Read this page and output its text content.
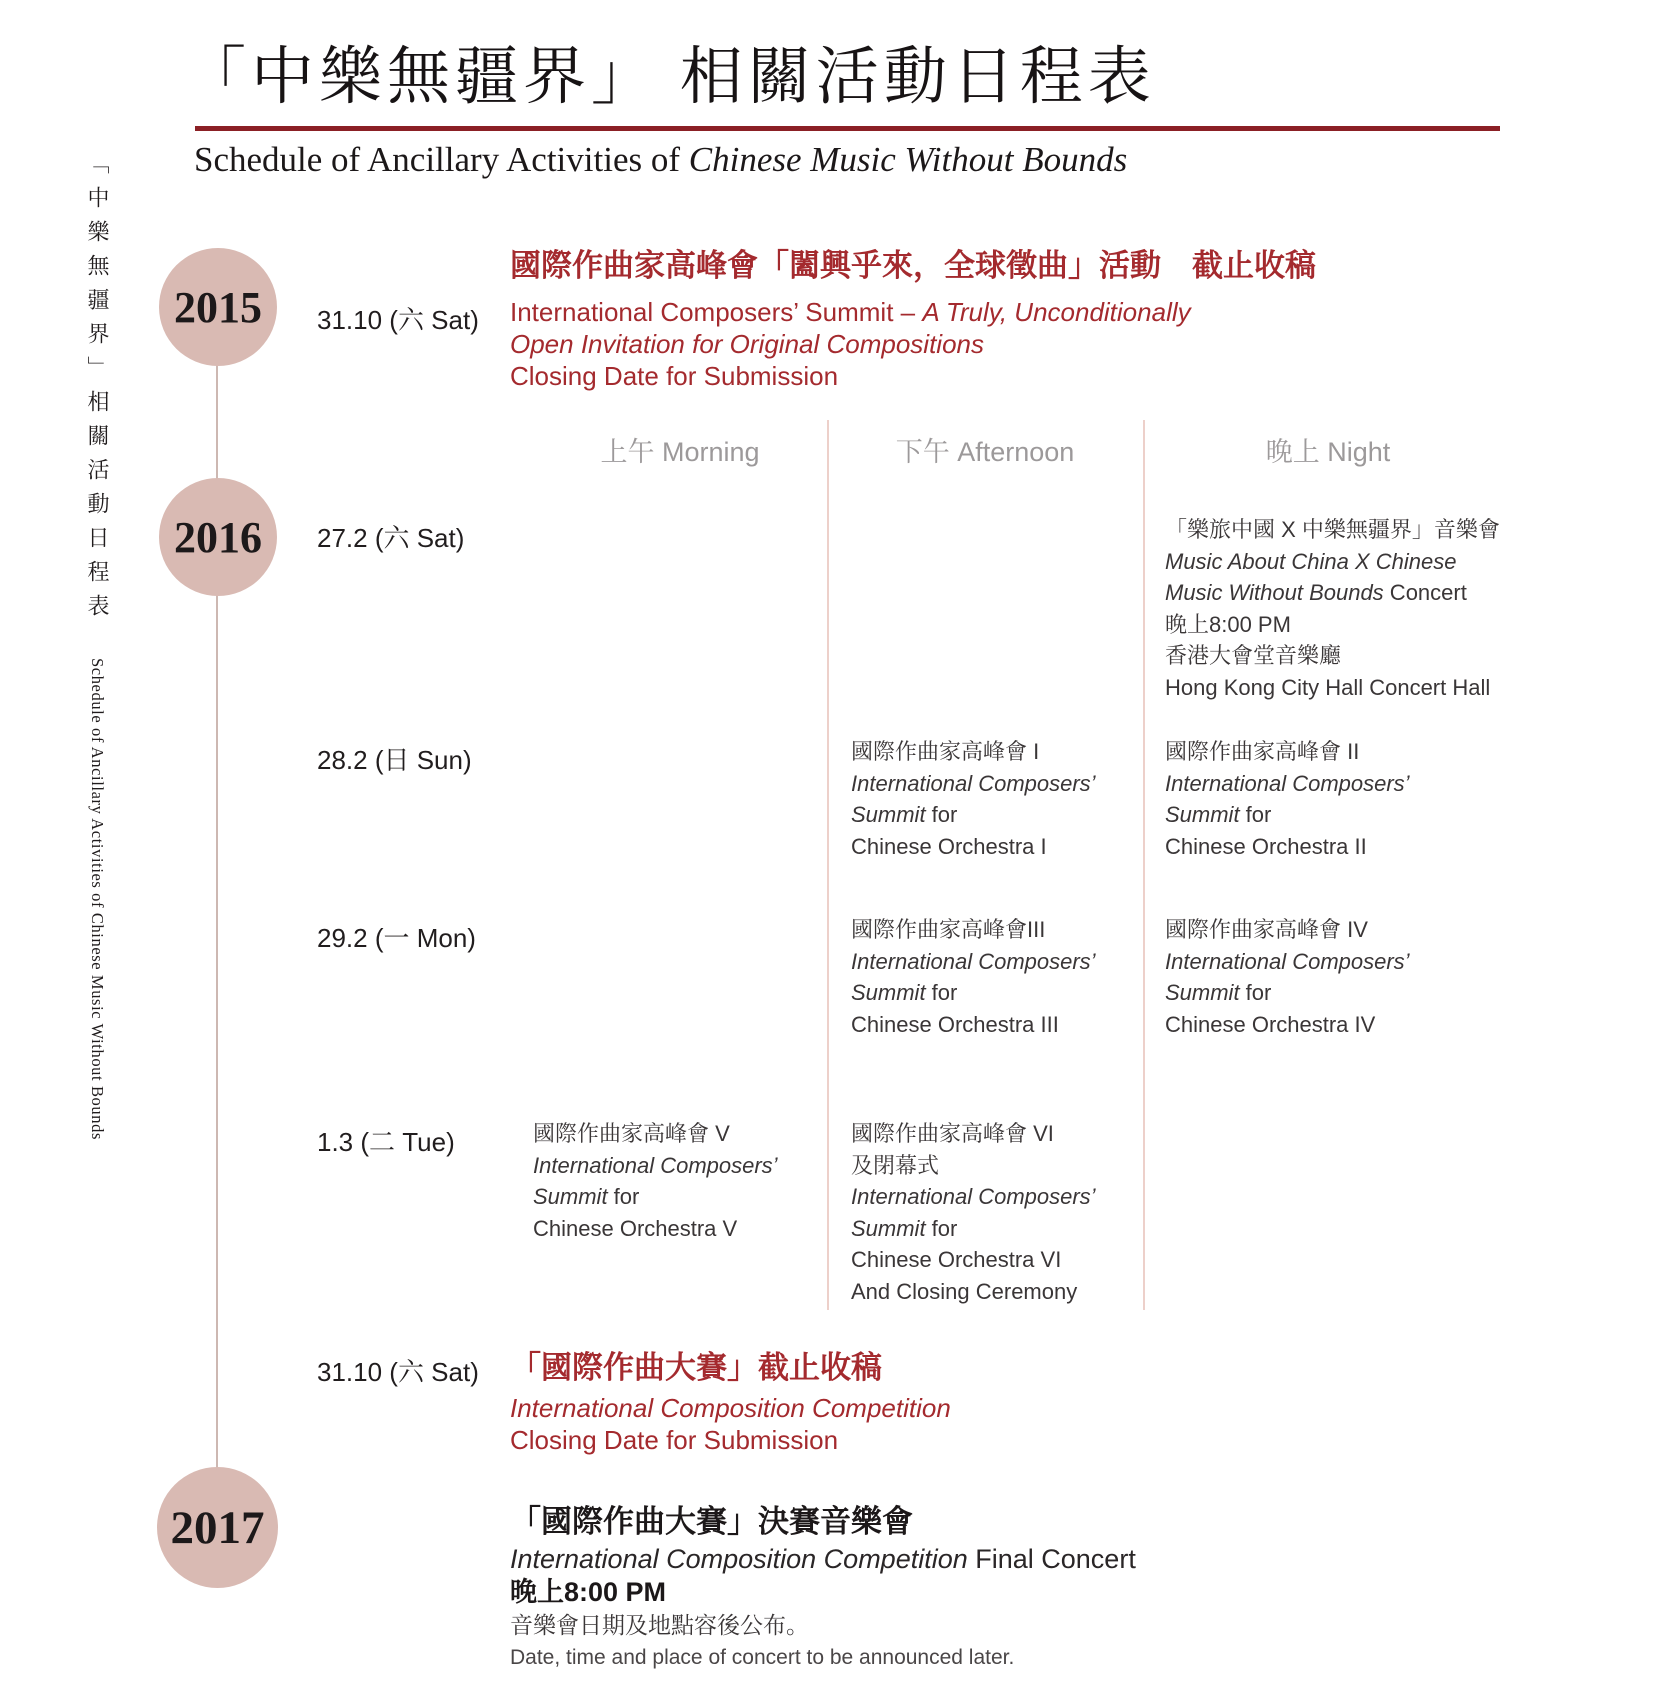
「中樂無疆界」 相關活動日程表
Schedule of Ancillary Activities of Chinese Music Without Bounds
「中樂無疆界」相關活動日程表Schedule of Ancillary Activities of Chinese Music Without Bounds
2015
2016
2017
31.10 (六 Sat)
27.2 (六 Sat)
28.2 (日 Sun)
29.2 (一 Mon)
1.3 (二 Tue)
31.10 (六 Sat)
國際作曲家高峰會「闔興乎來，全球徵曲」活動　截止收稿
International Composers’ Summit – A Truly, Unconditionally
Open Invitation for Original Compositions
Closing Date for Submission
上午 Morning	下午 Afternoon	晚上 Night
「樂旅中國 X 中樂無疆界」音樂會
Music About China X Chinese
Music Without Bounds Concert
晚上8:00 PM
香港大會堂音樂廳
Hong Kong City Hall Concert Hall
國際作曲家高峰會 I
International Composers’
Summit for
Chinese Orchestra I
國際作曲家高峰會 II
International Composers’
Summit for
Chinese Orchestra II
國際作曲家高峰會III
International Composers’
Summit for
Chinese Orchestra III
國際作曲家高峰會 IV
International Composers’
Summit for
Chinese Orchestra IV
國際作曲家高峰會 V
International Composers’
Summit for
Chinese Orchestra V
國際作曲家高峰會 VI
及閉幕式
International Composers’
Summit for
Chinese Orchestra VI
And Closing Ceremony
「國際作曲大賽」截止收稿
International Composition Competition
Closing Date for Submission
「國際作曲大賽」決賽音樂會
International Composition Competition Final Concert
晚上8:00 PM
音樂會日期及地點容後公布。
Date, time and place of concert to be announced later.
